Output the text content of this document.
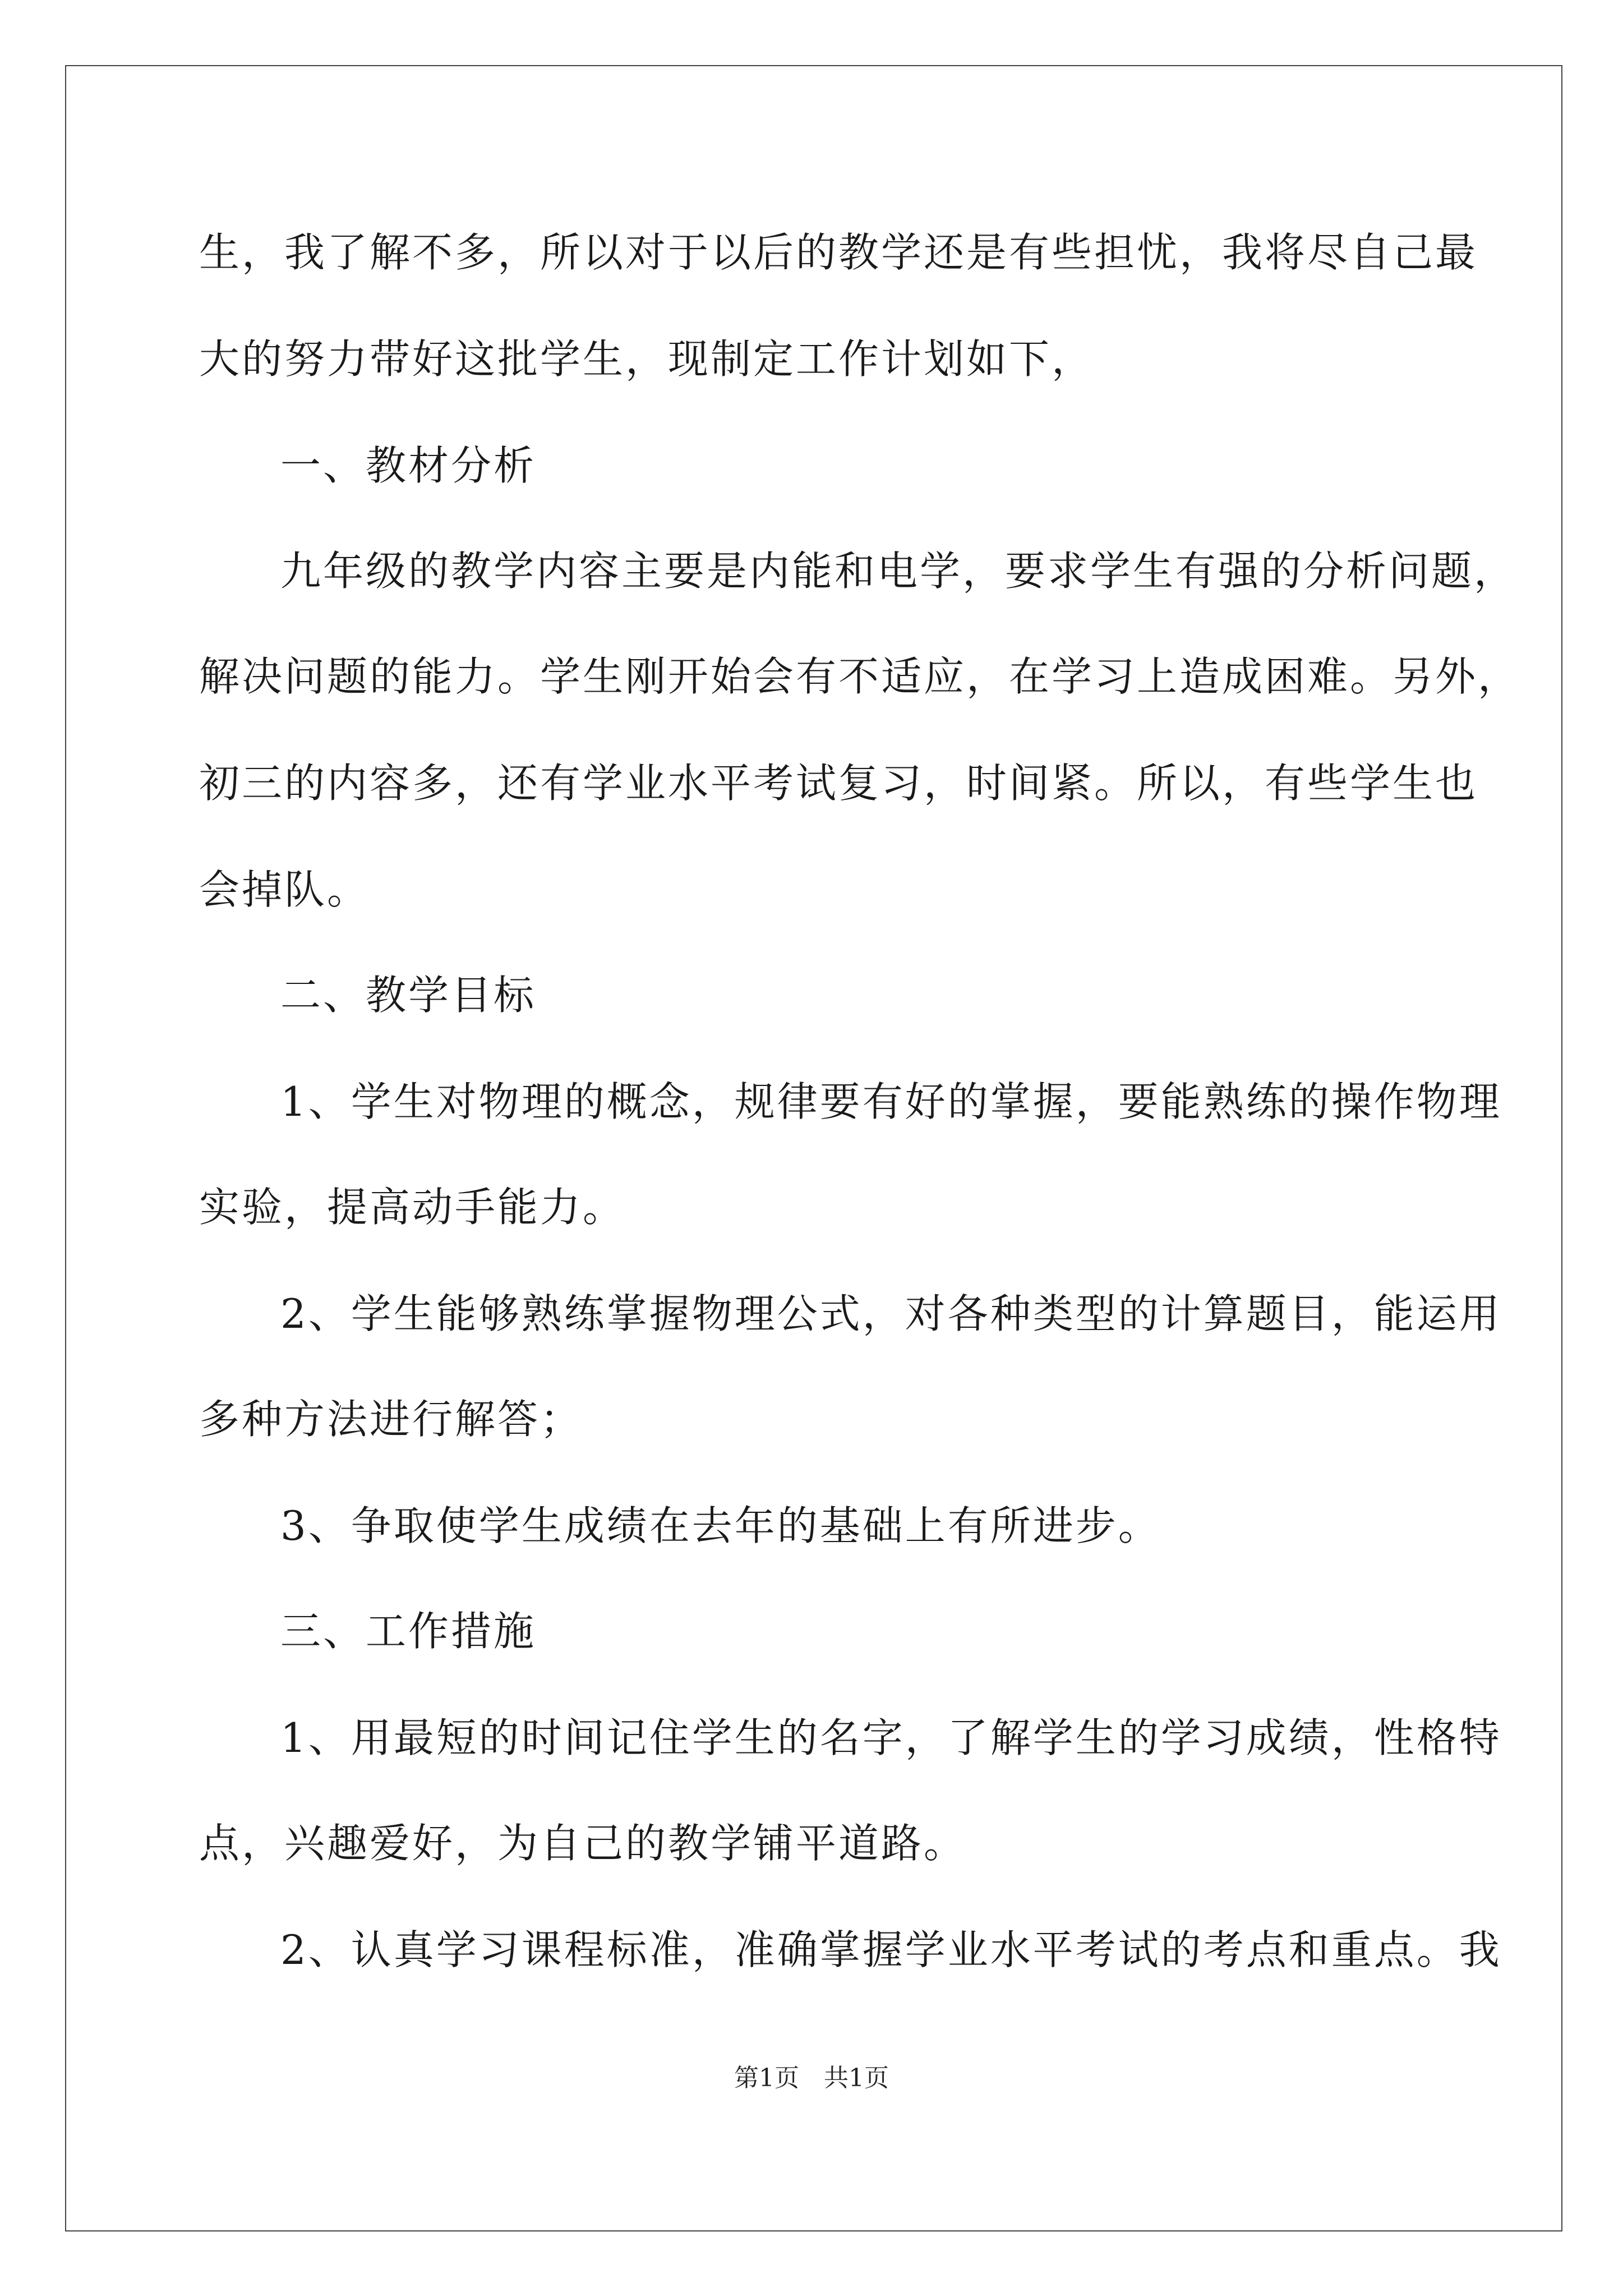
生，我了解不多，所以对于以后的教学还是有些担忧，我将尽自己最
大的努力带好这批学生，现制定工作计划如下，
一、教材分析
九年级的教学内容主要是内能和电学，要求学生有强的分析问题，
解决问题的能力。学生刚开始会有不适应，在学习上造成困难。另外，
初三的内容多，还有学业水平考试复习，时间紧。所以，有些学生也
会掉队。
二、教学目标
1、学生对物理的概念，规律要有好的掌握，要能熟练的操作物理
实验，提高动手能力。
2、学生能够熟练掌握物理公式，对各种类型的计算题目，能运用
多种方法进行解答；
3、争取使学生成绩在去年的基础上有所进步。
三、工作措施
1、用最短的时间记住学生的名字，了解学生的学习成绩，性格特
点，兴趣爱好，为自己的教学铺平道路。
2、认真学习课程标准，准确掌握学业水平考试的考点和重点。我
第1页　共1页
